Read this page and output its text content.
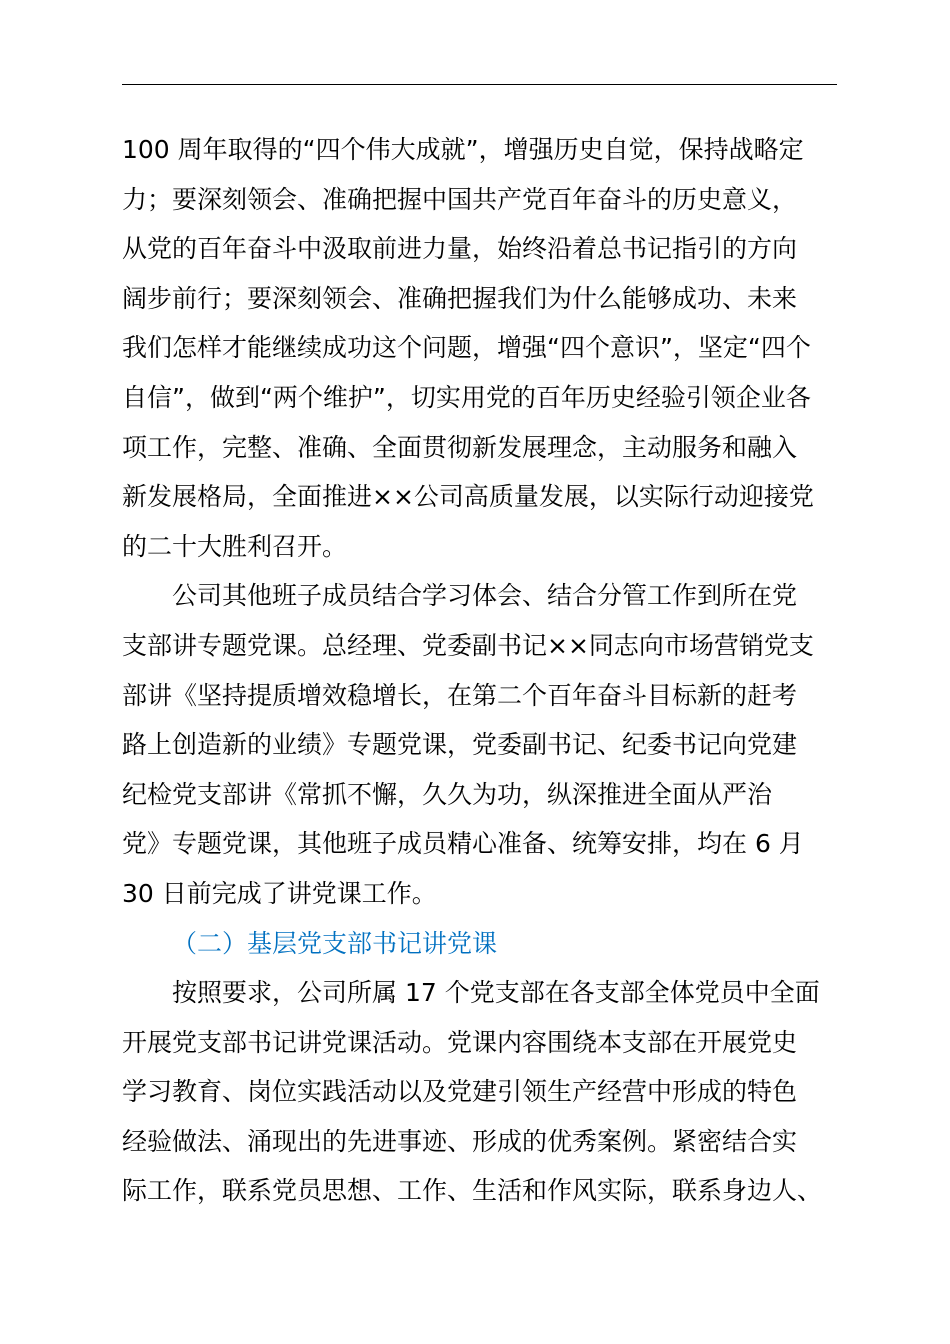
100 周年取得的“四个伟大成就”，增强历史自觉，保持战略定
力；要深刻领会、准确把握中国共产党百年奋斗的历史意义，
从党的百年奋斗中汲取前进力量，始终沿着总书记指引的方向
阔步前行；要深刻领会、准确把握我们为什么能够成功、未来
我们怎样才能继续成功这个问题，增强“四个意识”，坚定“四个
自信”，做到“两个维护”，切实用党的百年历史经验引领企业各
项工作，完整、准确、全面贯彻新发展理念，主动服务和融入
新发展格局，全面推进××公司高质量发展，以实际行动迎接党
的二十大胜利召开。
公司其他班子成员结合学习体会、结合分管工作到所在党
支部讲专题党课。总经理、党委副书记××同志向市场营销党支
部讲《坚持提质增效稳增长，在第二个百年奋斗目标新的赶考
路上创造新的业绩》专题党课，党委副书记、纪委书记向党建
纪检党支部讲《常抓不懈，久久为功，纵深推进全面从严治
党》专题党课，其他班子成员精心准备、统筹安排，均在 6 月
30 日前完成了讲党课工作。
（二）基层党支部书记讲党课
按照要求，公司所属 17 个党支部在各支部全体党员中全面
开展党支部书记讲党课活动。党课内容围绕本支部在开展党史
学习教育、岗位实践活动以及党建引领生产经营中形成的特色
经验做法、涌现出的先进事迹、形成的优秀案例。紧密结合实
际工作，联系党员思想、工作、生活和作风实际，联系身边人、
